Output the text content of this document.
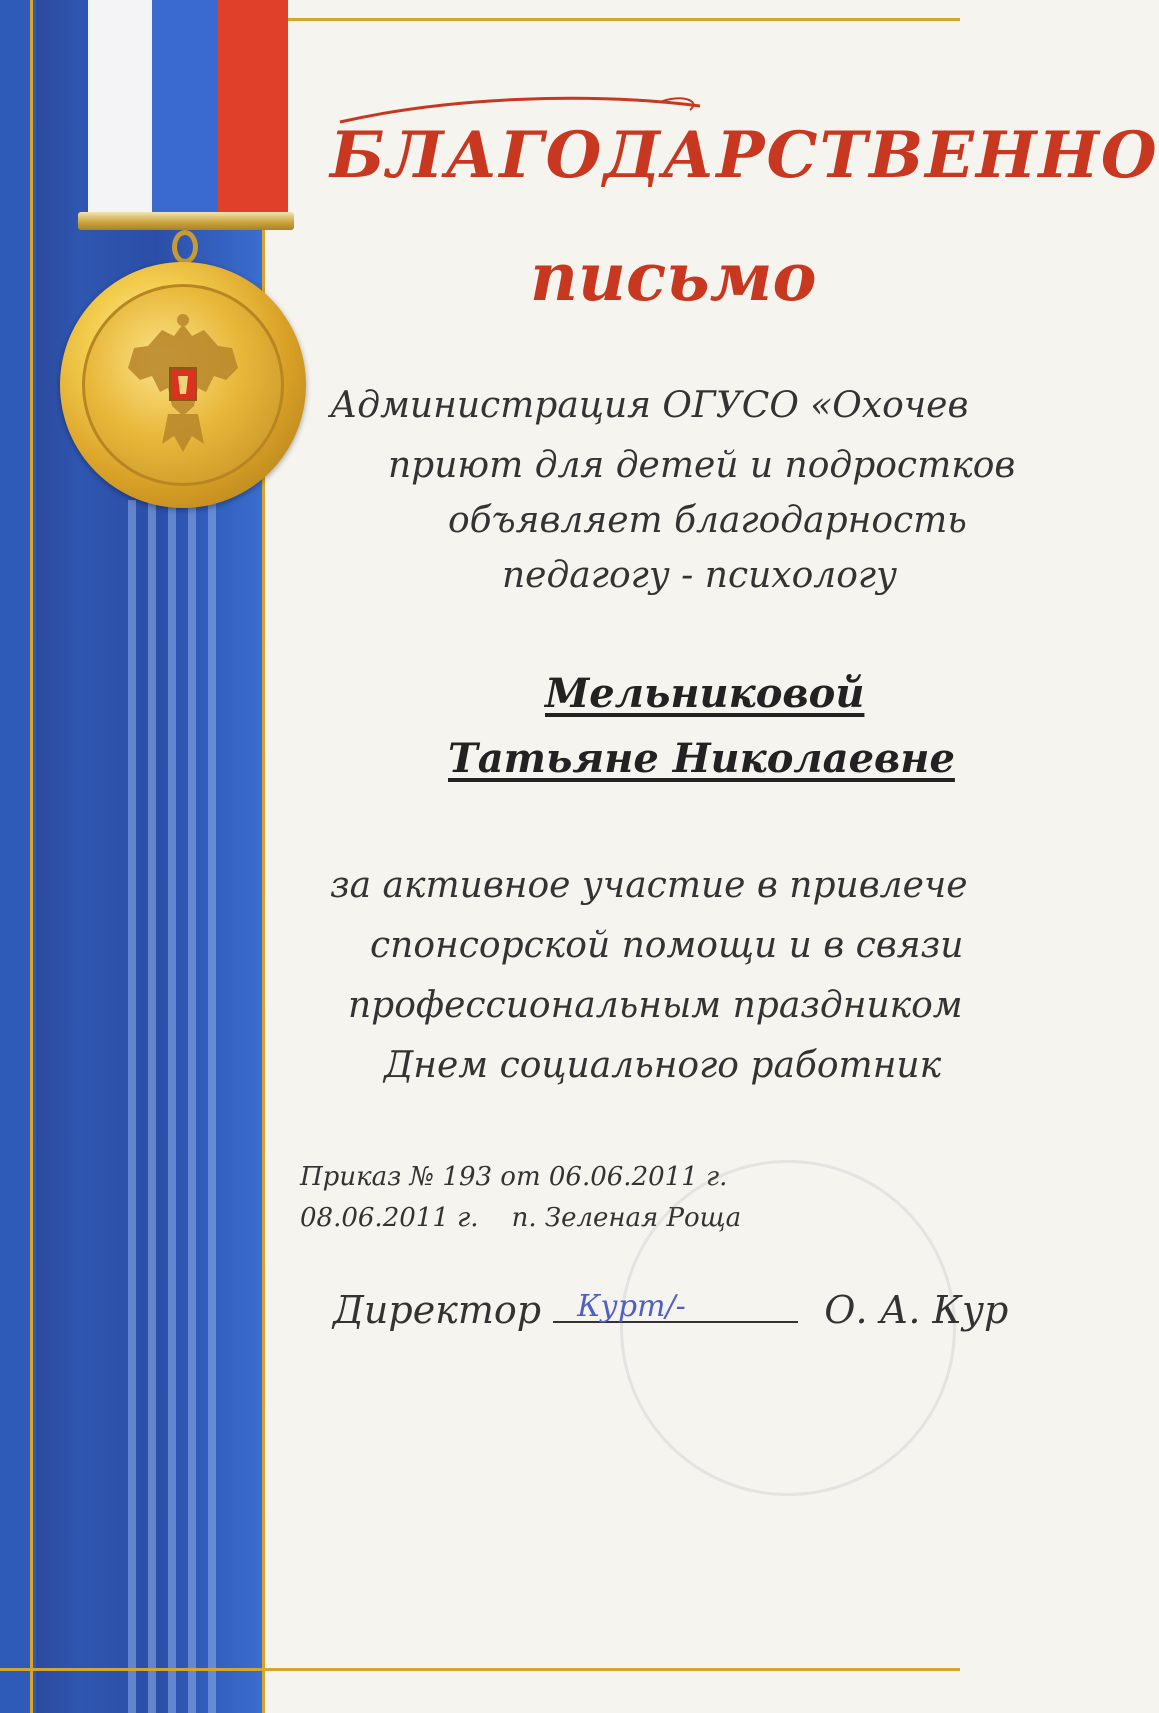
БЛАГОДАРСТВЕННО
письмо
Администрация ОГУСО «Охочев
приют для детей и подростков
объявляет благодарность
педагогу - психологу
Мельниковой
Татьяне Николаевне
за активное участие в привлече
спонсорской помощи и в связи
профессиональным праздником
Днем социального работник
Приказ № 193 от 06.06.2011 г.
08.06.2011 г.    п. Зеленая Роща
Директор Курт/-	О. А. Кур
